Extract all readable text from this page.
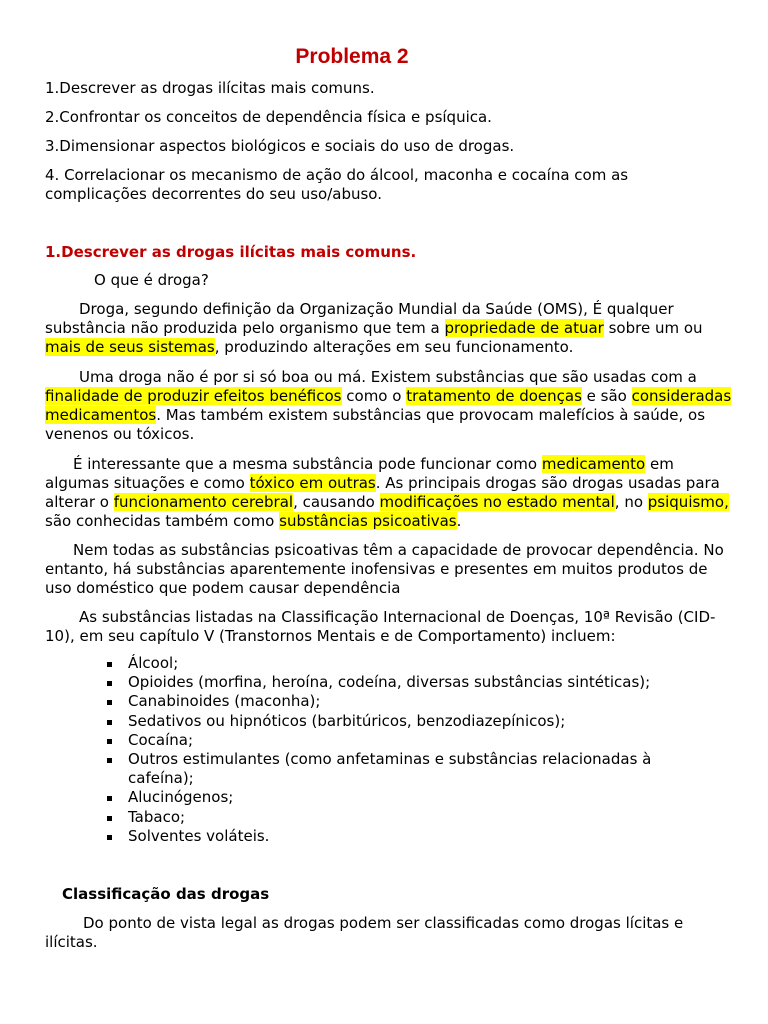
Problema 2

1.Descrever as drogas ilícitas mais comuns.

2.Confrontar os conceitos de dependência física e psíquica.

3.Dimensionar aspectos biológicos e sociais do uso de drogas.

4. Correlacionar os mecanismo de ação do álcool, maconha e cocaína com as complicações decorrentes do seu uso/abuso.

1.Descrever as drogas ilícitas mais comuns.

O que é droga?

Droga, segundo definição da Organização Mundial da Saúde (OMS), É qualquer substância não produzida pelo organismo que tem a propriedade de atuar sobre um ou mais de seus sistemas, produzindo alterações em seu funcionamento.

Uma droga não é por si só boa ou má. Existem substâncias que são usadas com a finalidade de produzir efeitos benéficos como o tratamento de doenças e são consideradas medicamentos. Mas também existem substâncias que provocam malefícios à saúde, os venenos ou tóxicos.

É interessante que a mesma substância pode funcionar como medicamento em algumas situações e como tóxico em outras. As principais drogas são drogas usadas para alterar o funcionamento cerebral, causando modificações no estado mental, no psiquismo, são conhecidas também como substâncias psicoativas.

Nem todas as substâncias psicoativas têm a capacidade de provocar dependência. No entanto, há substâncias aparentemente inofensivas e presentes em muitos produtos de uso doméstico que podem causar dependência

As substâncias listadas na Classificação Internacional de Doenças, 10ª Revisão (CID-10), em seu capítulo V (Transtornos Mentais e de Comportamento) incluem:

Álcool;
Opioides (morfina, heroína, codeína, diversas substâncias sintéticas);
Canabinoides (maconha);
Sedativos ou hipnóticos (barbitúricos, benzodiazepínicos);
Cocaína;
Outros estimulantes (como anfetaminas e substâncias relacionadas à cafeína);
Alucinógenos;
Tabaco;
Solventes voláteis.

Classificação das drogas

Do ponto de vista legal as drogas podem ser classificadas como drogas lícitas e ilícitas.
